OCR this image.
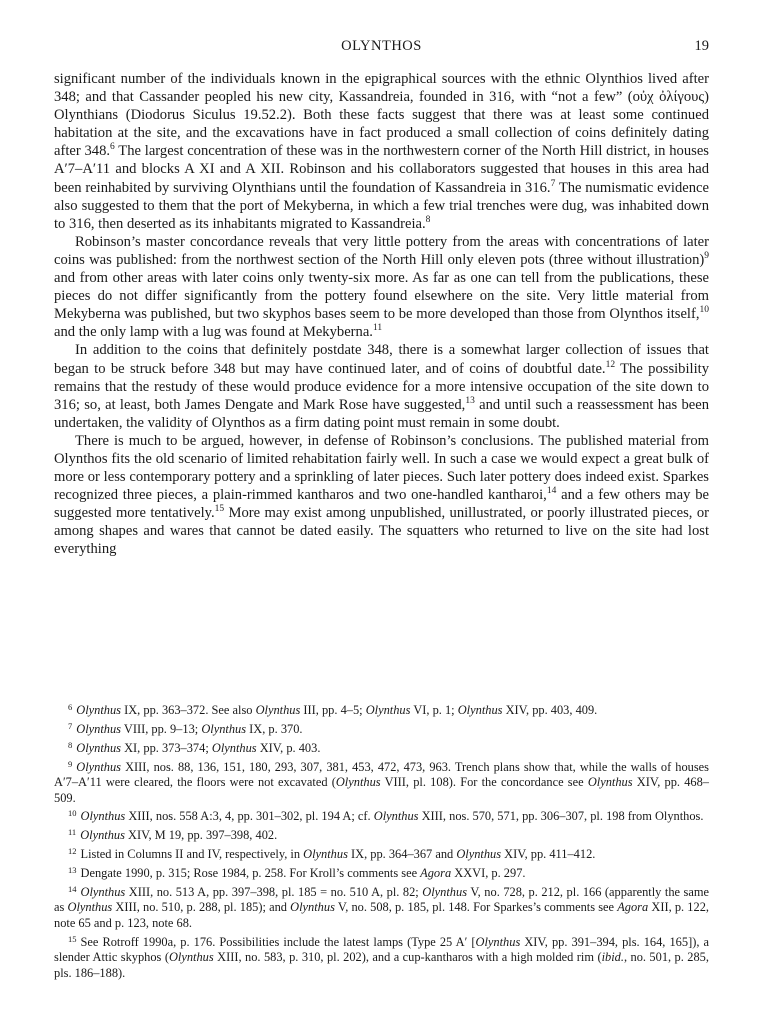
OLYNTHOS	19

significant number of the individuals known in the epigraphical sources with the ethnic Olynthios lived after 348; and that Cassander peopled his new city, Kassandreia, founded in 316, with “not a few” (οὐχ ὀλίγους) Olynthians (Diodorus Siculus 19.52.2). Both these facts suggest that there was at least some continued habitation at the site, and the excavations have in fact produced a small collection of coins definitely dating after 348.$^6$ The largest concentration of these was in the northwestern corner of the North Hill district, in houses A′7–A′11 and blocks A XI and A XII. Robinson and his collaborators suggested that houses in this area had been reinhabited by surviving Olynthians until the foundation of Kassandreia in 316.$^7$ The numismatic evidence also suggested to them that the port of Mekyberna, in which a few trial trenches were dug, was inhabited down to 316, then deserted as its inhabitants migrated to Kassandreia.$^8$

Robinson’s master concordance reveals that very little pottery from the areas with concentrations of later coins was published: from the northwest section of the North Hill only eleven pots (three without illustration)$^9$ and from other areas with later coins only twenty-six more. As far as one can tell from the publications, these pieces do not differ significantly from the pottery found elsewhere on the site. Very little material from Mekyberna was published, but two skyphos bases seem to be more developed than those from Olynthos itself,$^{10}$ and the only lamp with a lug was found at Mekyberna.$^{11}$

In addition to the coins that definitely postdate 348, there is a somewhat larger collection of issues that began to be struck before 348 but may have continued later, and of coins of doubtful date.$^{12}$ The possibility remains that the restudy of these would produce evidence for a more intensive occupation of the site down to 316; so, at least, both James Dengate and Mark Rose have suggested,$^{13}$ and until such a reassessment has been undertaken, the validity of Olynthos as a firm dating point must remain in some doubt.

There is much to be argued, however, in defense of Robinson’s conclusions. The published material from Olynthos fits the old scenario of limited rehabitation fairly well. In such a case we would expect a great bulk of more or less contemporary pottery and a sprinkling of later pieces. Such later pottery does indeed exist. Sparkes recognized three pieces, a plain-rimmed kantharos and two one-handled kantharoi,$^{14}$ and a few others may be suggested more tentatively.$^{15}$ More may exist among unpublished, unillustrated, or poorly illustrated pieces, or among shapes and wares that cannot be dated easily. The squatters who returned to live on the site had lost everything

$^6$ Olynthus IX, pp. 363–372. See also Olynthus III, pp. 4–5; Olynthus VI, p. 1; Olynthus XIV, pp. 403, 409.

$^7$ Olynthus VIII, pp. 9–13; Olynthus IX, p. 370.

$^8$ Olynthus XI, pp. 373–374; Olynthus XIV, p. 403.

$^9$ Olynthus XIII, nos. 88, 136, 151, 180, 293, 307, 381, 453, 472, 473, 963. Trench plans show that, while the walls of houses A′7–A′11 were cleared, the floors were not excavated (Olynthus VIII, pl. 108). For the concordance see Olynthus XIV, pp. 468–509.

$^{10}$ Olynthus XIII, nos. 558 A:3, 4, pp. 301–302, pl. 194 A; cf. Olynthus XIII, nos. 570, 571, pp. 306–307, pl. 198 from Olynthos.

$^{11}$ Olynthus XIV, M 19, pp. 397–398, 402.

$^{12}$ Listed in Columns II and IV, respectively, in Olynthus IX, pp. 364–367 and Olynthus XIV, pp. 411–412.

$^{13}$ Dengate 1990, p. 315; Rose 1984, p. 258. For Kroll’s comments see Agora XXVI, p. 297.

$^{14}$ Olynthus XIII, no. 513 A, pp. 397–398, pl. 185 = no. 510 A, pl. 82; Olynthus V, no. 728, p. 212, pl. 166 (apparently the same as Olynthus XIII, no. 510, p. 288, pl. 185); and Olynthus V, no. 508, p. 185, pl. 148. For Sparkes’s comments see Agora XII, p. 122, note 65 and p. 123, note 68.

$^{15}$ See Rotroff 1990a, p. 176. Possibilities include the latest lamps (Type 25 A′ [Olynthus XIV, pp. 391–394, pls. 164, 165]), a slender Attic skyphos (Olynthus XIII, no. 583, p. 310, pl. 202), and a cup-kantharos with a high molded rim (ibid., no. 501, p. 285, pls. 186–188).
